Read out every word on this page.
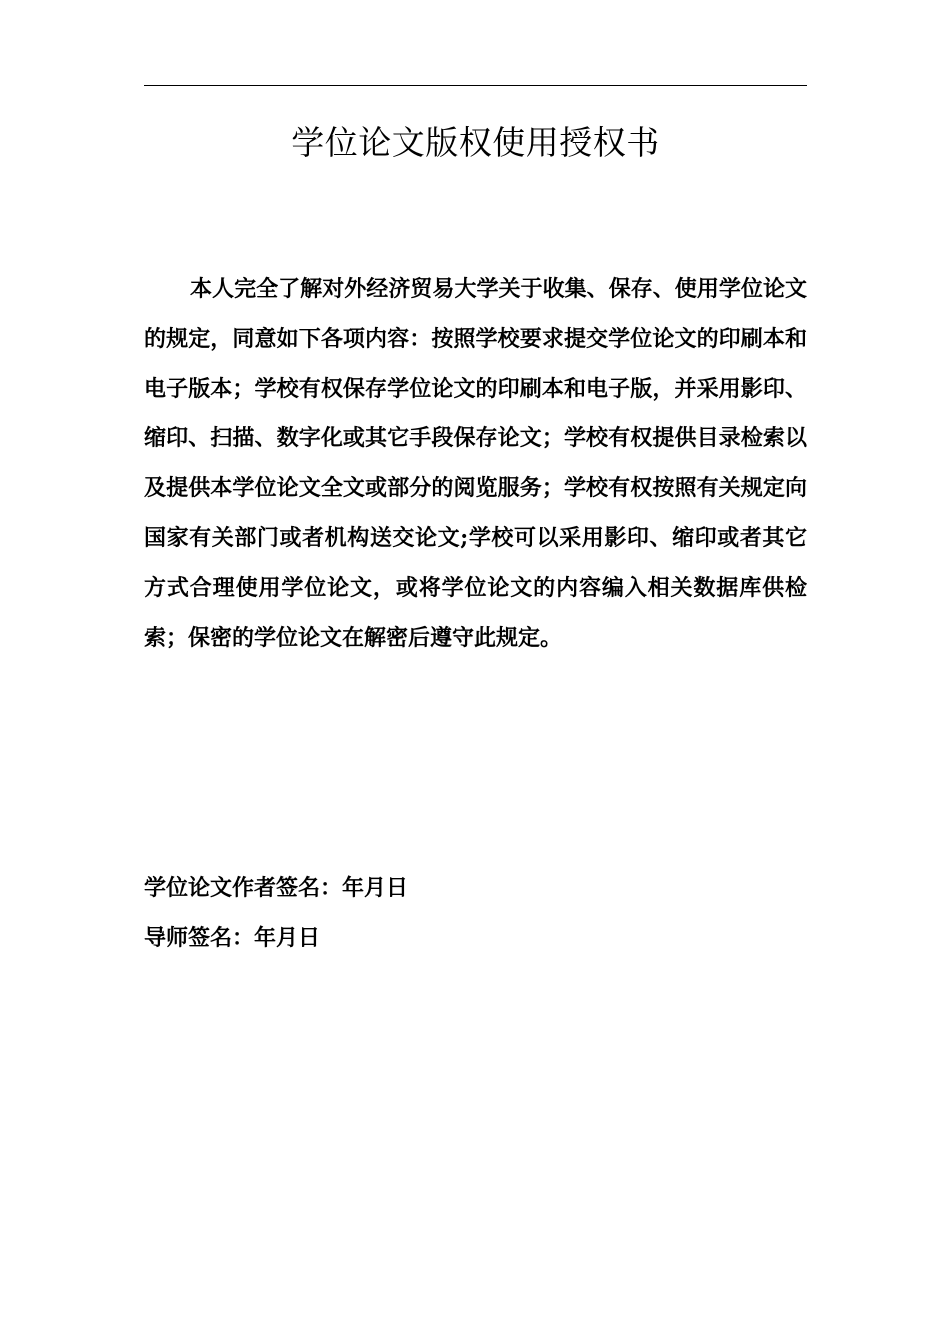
学位论文版权使用授权书

本人完全了解对外经济贸易大学关于收集、保存、使用学位论文的规定，同意如下各项内容：按照学校要求提交学位论文的印刷本和电子版本；学校有权保存学位论文的印刷本和电子版，并采用影印、缩印、扫描、数字化或其它手段保存论文；学校有权提供目录检索以及提供本学位论文全文或部分的阅览服务；学校有权按照有关规定向国家有关部门或者机构送交论文;学校可以采用影印、缩印或者其它方式合理使用学位论文，或将学位论文的内容编入相关数据库供检索；保密的学位论文在解密后遵守此规定。

学位论文作者签名：年月日

导师签名：年月日
